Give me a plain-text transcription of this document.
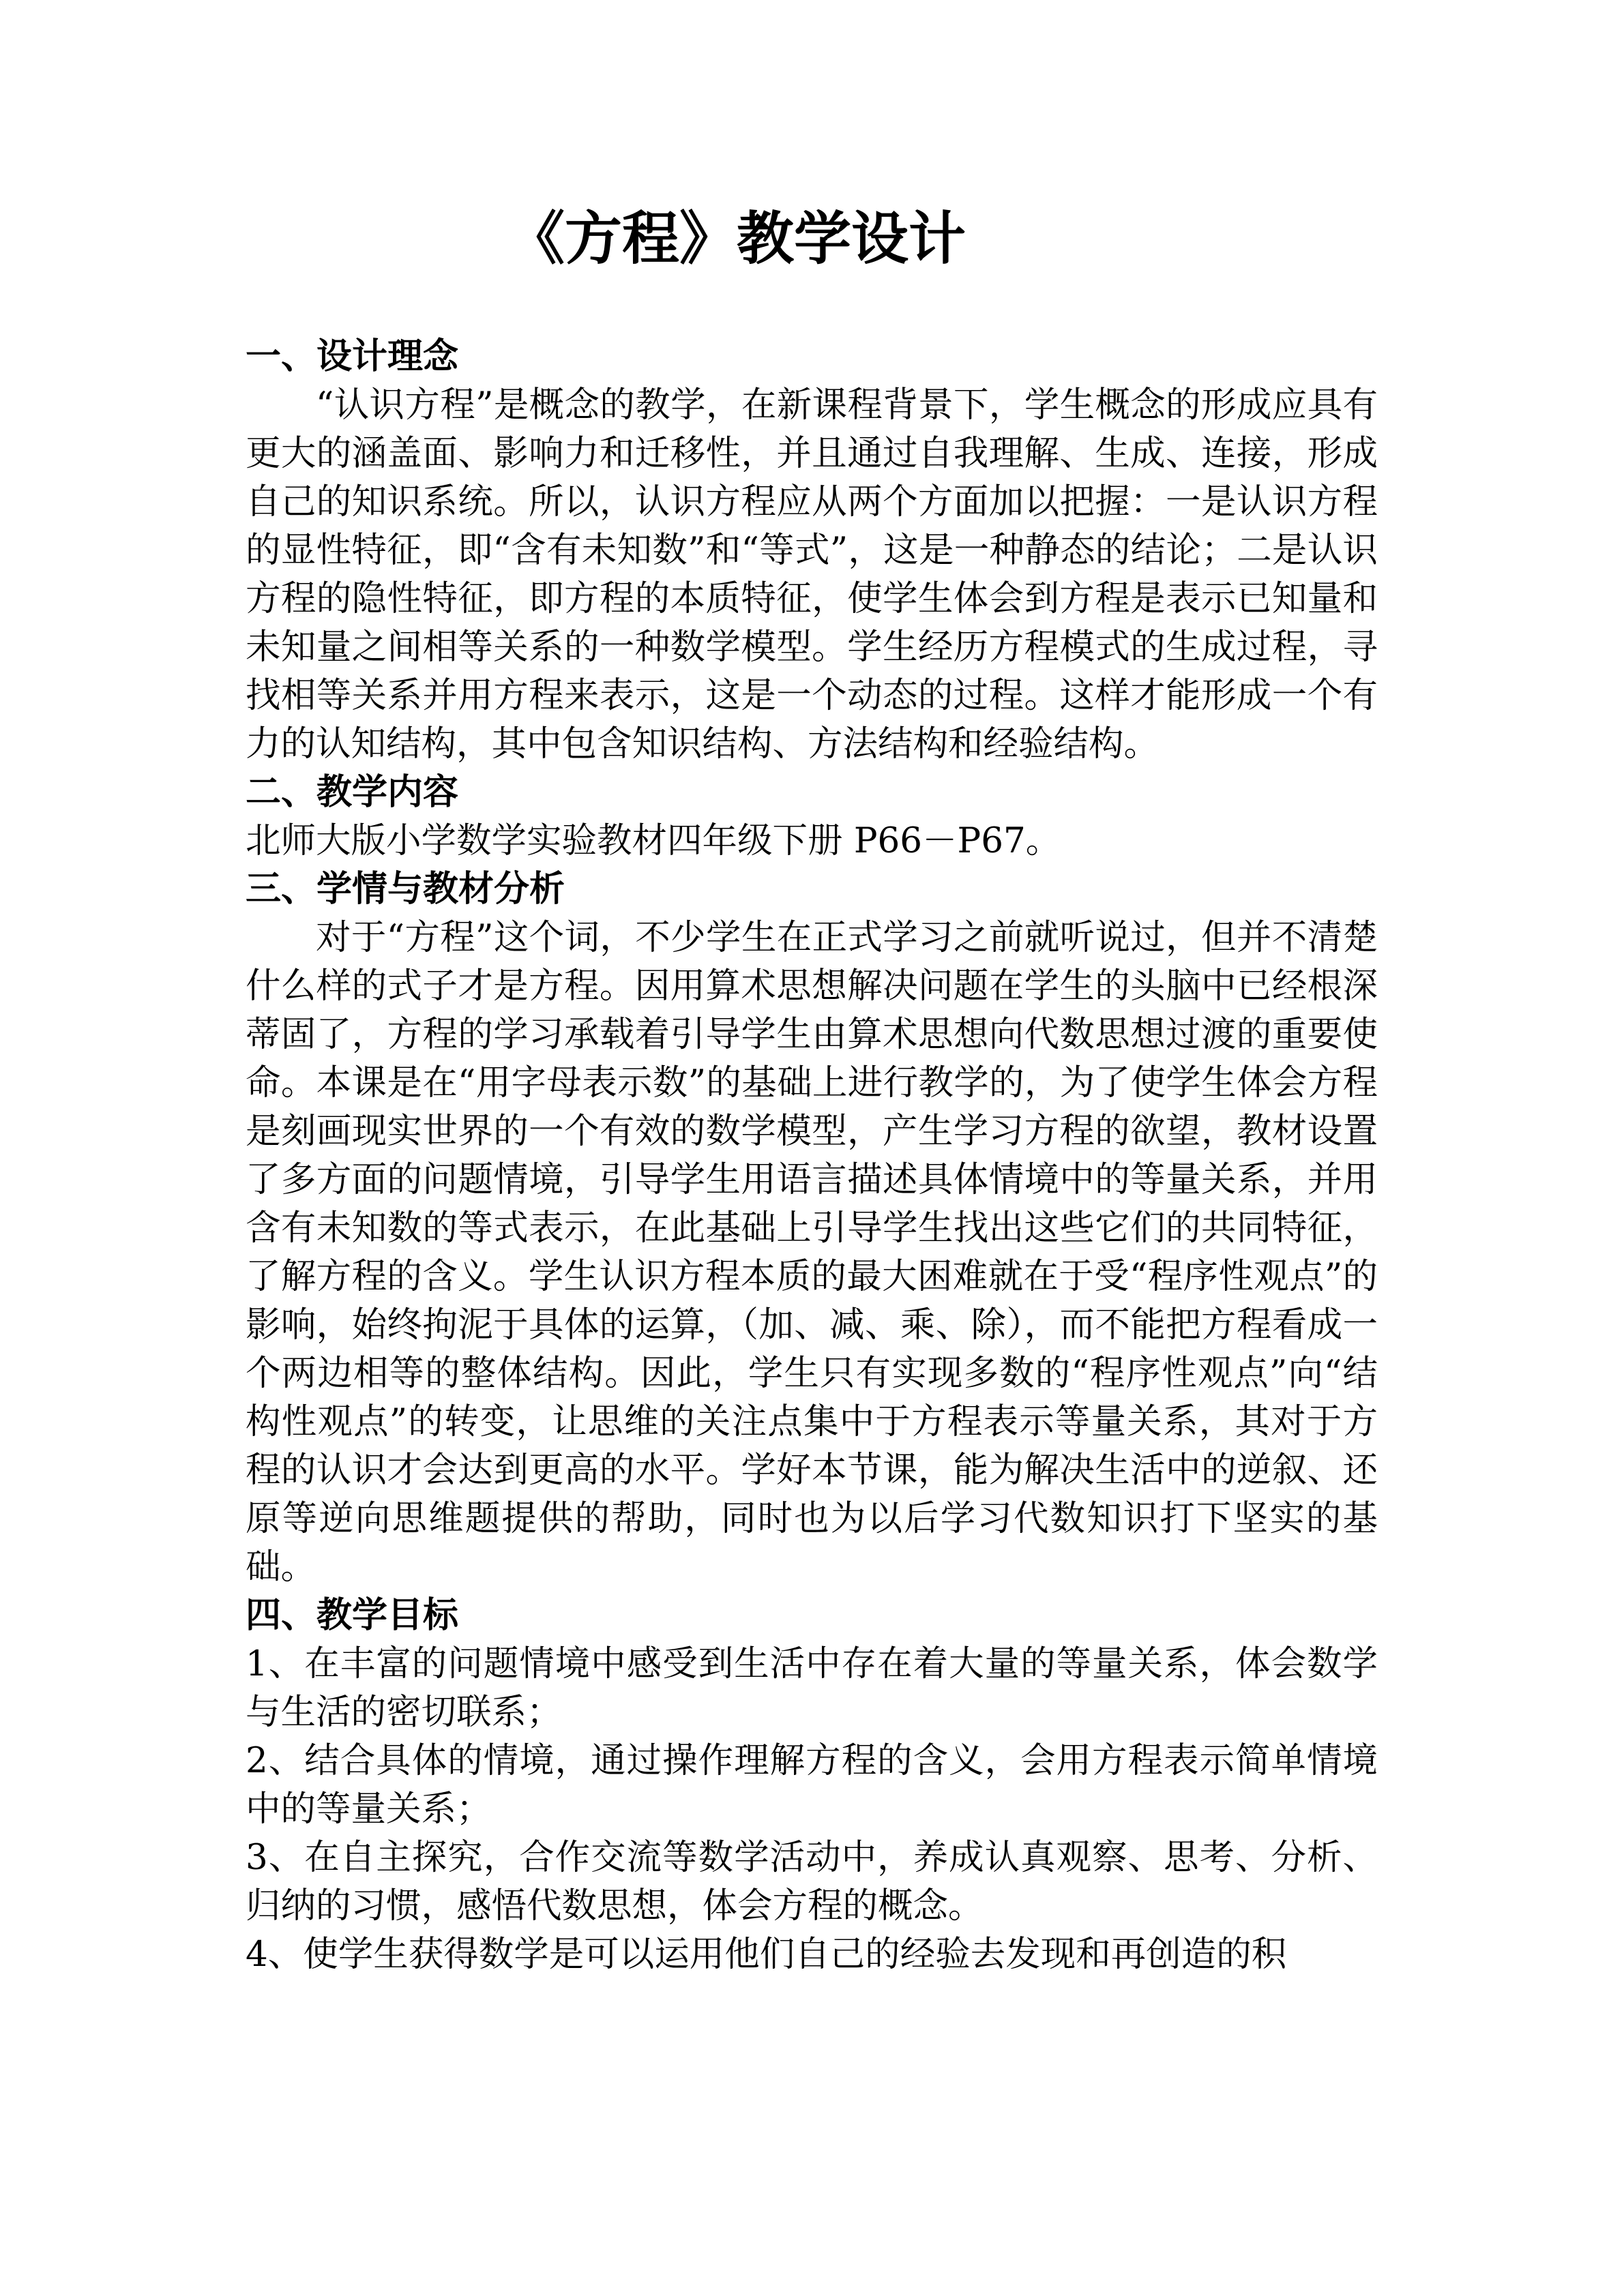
《方程》教学设计
一、设计理念

“认识方程”是概念的教学，在新课程背景下，学生概念的形成应具有更大的涵盖面、影响力和迁移性，并且通过自我理解、生成、连接，形成自己的知识系统。所以，认识方程应从两个方面加以把握：一是认识方程的显性特征，即“含有未知数”和“等式”，这是一种静态的结论；二是认识方程的隐性特征，即方程的本质特征，使学生体会到方程是表示已知量和未知量之间相等关系的一种数学模型。学生经历方程模式的生成过程，寻找相等关系并用方程来表示，这是一个动态的过程。这样才能形成一个有力的认知结构，其中包含知识结构、方法结构和经验结构。

二、教学内容

北师大版小学数学实验教材四年级下册 P66－P67。

三、学情与教材分析

对于“方程”这个词，不少学生在正式学习之前就听说过，但并不清楚什么样的式子才是方程。因用算术思想解决问题在学生的头脑中已经根深蒂固了，方程的学习承载着引导学生由算术思想向代数思想过渡的重要使命。本课是在“用字母表示数”的基础上进行教学的，为了使学生体会方程是刻画现实世界的一个有效的数学模型，产生学习方程的欲望，教材设置了多方面的问题情境，引导学生用语言描述具体情境中的等量关系，并用含有未知数的等式表示，在此基础上引导学生找出这些它们的共同特征，了解方程的含义。学生认识方程本质的最大困难就在于受“程序性观点”的影响，始终拘泥于具体的运算，（加、减、乘、除），而不能把方程看成一个两边相等的整体结构。因此，学生只有实现多数的“程序性观点”向“结构性观点”的转变，让思维的关注点集中于方程表示等量关系，其对于方程的认识才会达到更高的水平。学好本节课，能为解决生活中的逆叙、还原等逆向思维题提供的帮助，同时也为以后学习代数知识打下坚实的基础。

四、教学目标

1、在丰富的问题情境中感受到生活中存在着大量的等量关系，体会数学与生活的密切联系；

2、结合具体的情境，通过操作理解方程的含义，会用方程表示简单情境中的等量关系；

3、在自主探究，合作交流等数学活动中，养成认真观察、思考、分析、归纳的习惯，感悟代数思想，体会方程的概念。

4、使学生获得数学是可以运用他们自己的经验去发现和再创造的积
